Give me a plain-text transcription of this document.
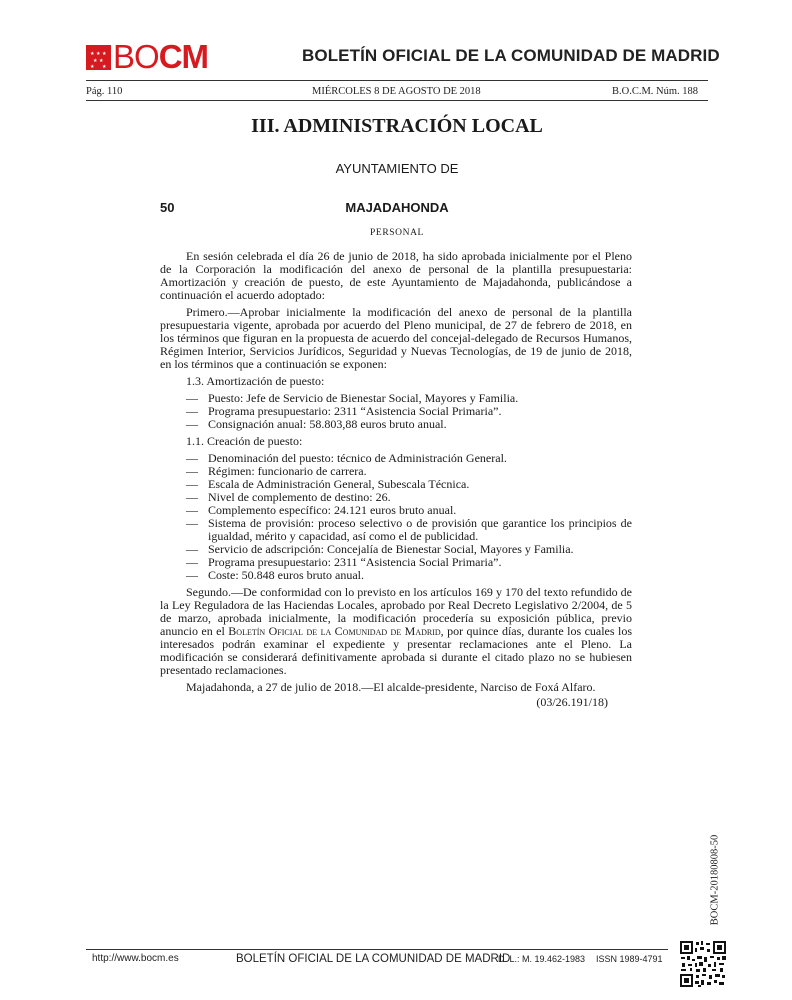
★ ★ ★
★ ★
★ ★ BOCM	BOLETÍN OFICIAL DE LA COMUNIDAD DE MADRID
Pág. 110	MIÉRCOLES 8 DE AGOSTO DE 2018	B.O.C.M. Núm. 188
III. ADMINISTRACIÓN LOCAL
AYUNTAMIENTO DE
50	MAJADAHONDA
PERSONAL

En sesión celebrada el día 26 de junio de 2018, ha sido aprobada inicialmente por el Pleno de la Corporación la modificación del anexo de personal de la plantilla presupuestaria: Amortización y creación de puesto, de este Ayuntamiento de Majadahonda, publicándose a continuación el acuerdo adoptado:

Primero.—Aprobar inicialmente la modificación del anexo de personal de la plantilla presupuestaria vigente, aprobada por acuerdo del Pleno municipal, de 27 de febrero de 2018, en los términos que figuran en la propuesta de acuerdo del concejal-delegado de Recursos Humanos, Régimen Interior, Servicios Jurídicos, Seguridad y Nuevas Tecnologías, de 19 de junio de 2018, en los términos que a continuación se exponen:

1.3. Amortización de puesto:

— Puesto: Jefe de Servicio de Bienestar Social, Mayores y Familia.
— Programa presupuestario: 2311 “Asistencia Social Primaria”.
— Consignación anual: 58.803,88 euros bruto anual.

1.1. Creación de puesto:

— Denominación del puesto: técnico de Administración General.
— Régimen: funcionario de carrera.
— Escala de Administración General, Subescala Técnica.
— Nivel de complemento de destino: 26.
— Complemento específico: 24.121 euros bruto anual.
— Sistema de provisión: proceso selectivo o de provisión que garantice los principios de igualdad, mérito y capacidad, así como el de publicidad.
— Servicio de adscripción: Concejalía de Bienestar Social, Mayores y Familia.
— Programa presupuestario: 2311 “Asistencia Social Primaria”.
— Coste: 50.848 euros bruto anual.

Segundo.—De conformidad con lo previsto en los artículos 169 y 170 del texto refundido de la Ley Reguladora de las Haciendas Locales, aprobado por Real Decreto Legislativo 2/2004, de 5 de marzo, aprobada inicialmente, la modificación procedería su exposición pública, previo anuncio en el Boletín Oficial de la Comunidad de Madrid, por quince días, durante los cuales los interesados podrán examinar el expediente y presentar reclamaciones ante el Pleno. La modificación se considerará definitivamente aprobada si durante el citado plazo no se hubiesen presentado reclamaciones.

Majadahonda, a 27 de julio de 2018.—El alcalde-presidente, Narciso de Foxá Alfaro.

(03/26.191/18)

BOCM-20180808-50
http://www.bocm.es	BOLETÍN OFICIAL DE LA COMUNIDAD DE MADRID
D. L.: M. 19.462-1983 ISSN 1989-4791
